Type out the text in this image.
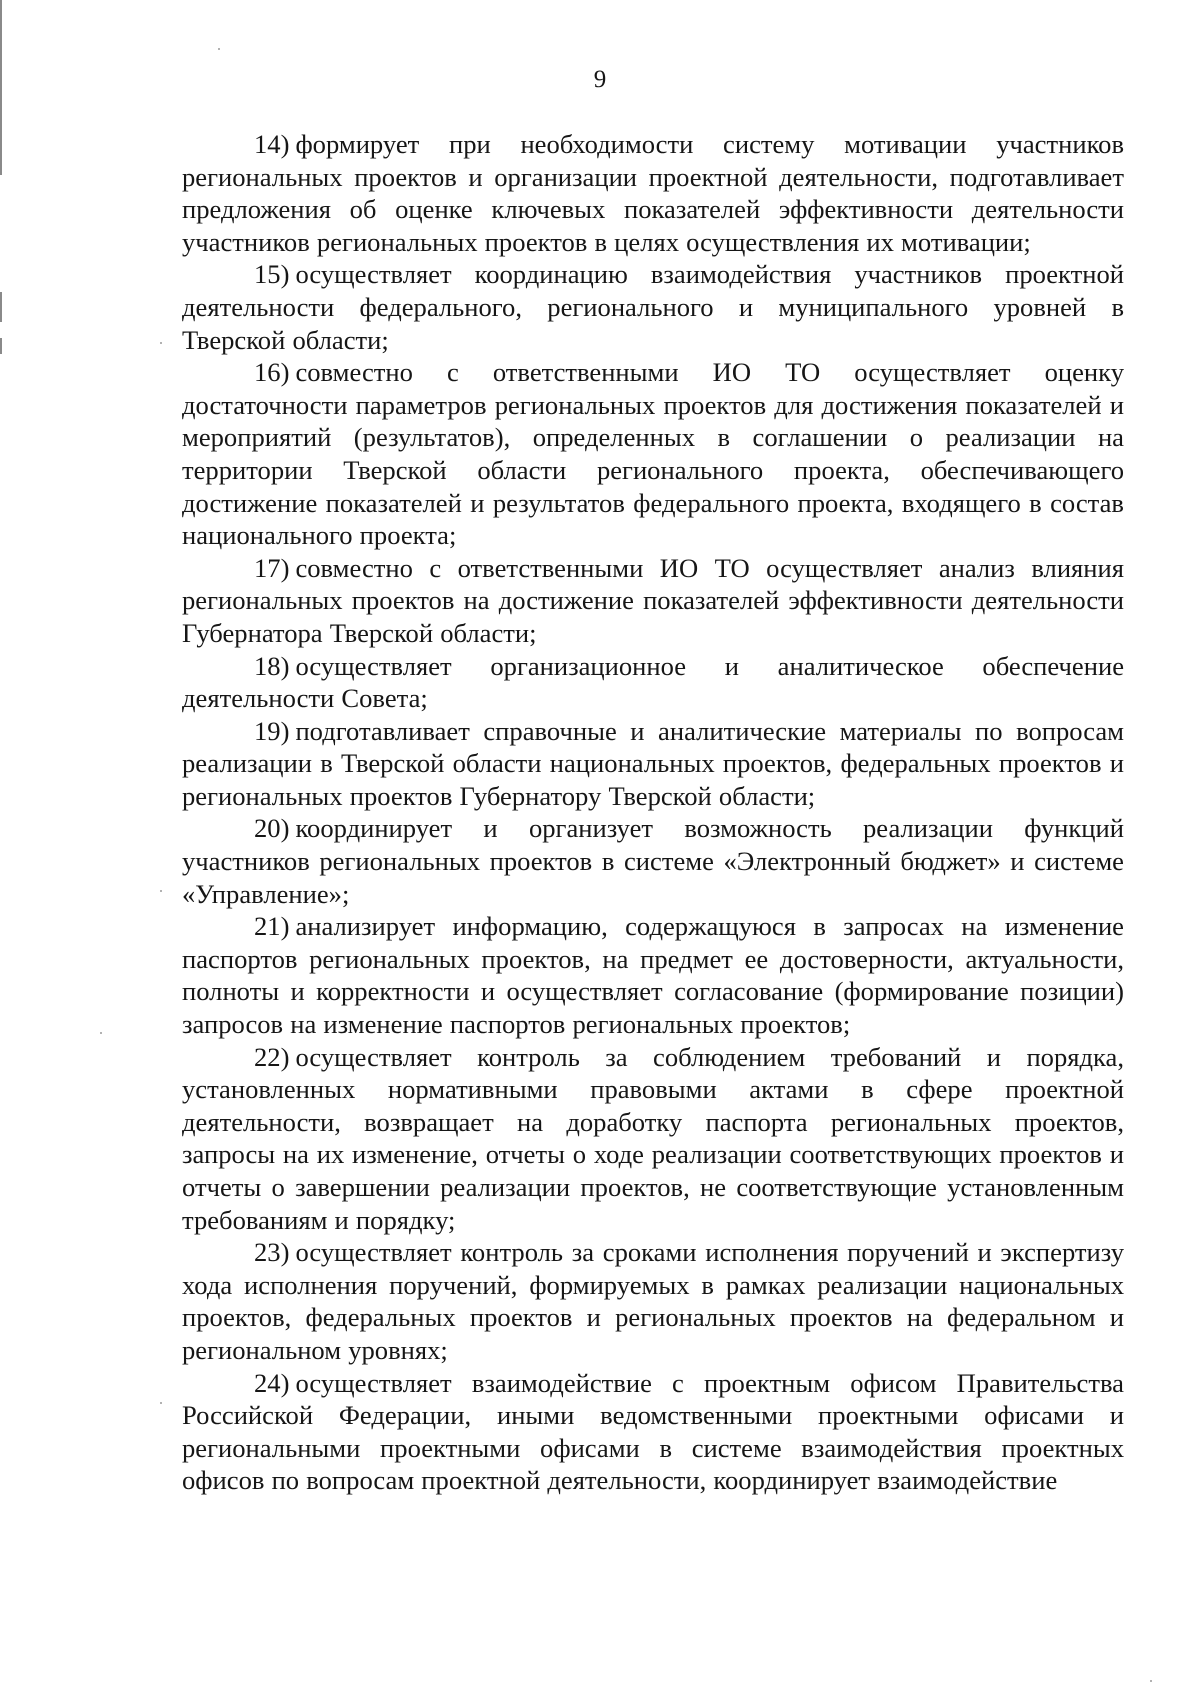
9

14) формирует при необходимости систему мотивации участников региональных проектов и организации проектной деятельности, подготавливает предложения об оценке ключевых показателей эффективности деятельности участников региональных проектов в целях осуществления их мотивации;

15) осуществляет координацию взаимодействия участников проектной деятельности федерального, регионального и муниципального уровней в Тверской области;

16) совместно с ответственными ИО ТО осуществляет оценку достаточности параметров региональных проектов для достижения показателей и мероприятий (результатов), определенных в соглашении о реализации на территории Тверской области регионального проекта, обеспечивающего достижение показателей и результатов федерального проекта, входящего в состав национального проекта;

17) совместно с ответственными ИО ТО осуществляет анализ влияния региональных проектов на достижение показателей эффективности деятельности Губернатора Тверской области;

18) осуществляет организационное и аналитическое обеспечение деятельности Совета;

19) подготавливает справочные и аналитические материалы по вопросам реализации в Тверской области национальных проектов, федеральных проектов и региональных проектов Губернатору Тверской области;

20) координирует и организует возможность реализации функций участников региональных проектов в системе «Электронный бюджет» и системе «Управление»;

21) анализирует информацию, содержащуюся в запросах на изменение паспортов региональных проектов, на предмет ее достоверности, актуальности, полноты и корректности и осуществляет согласование (формирование позиции) запросов на изменение паспортов региональных проектов;

22) осуществляет контроль за соблюдением требований и порядка, установленных нормативными правовыми актами в сфере проектной деятельности, возвращает на доработку паспорта региональных проектов, запросы на их изменение, отчеты о ходе реализации соответствующих проектов и отчеты о завершении реализации проектов, не соответствующие установленным требованиям и порядку;

23) осуществляет контроль за сроками исполнения поручений и экспертизу хода исполнения поручений, формируемых в рамках реализации национальных проектов, федеральных проектов и региональных проектов на федеральном и региональном уровнях;

24) осуществляет взаимодействие с проектным офисом Правительства Российской Федерации, иными ведомственными проектными офисами и региональными проектными офисами в системе взаимодействия проектных офисов по вопросам проектной деятельности, координирует взаимодействие
